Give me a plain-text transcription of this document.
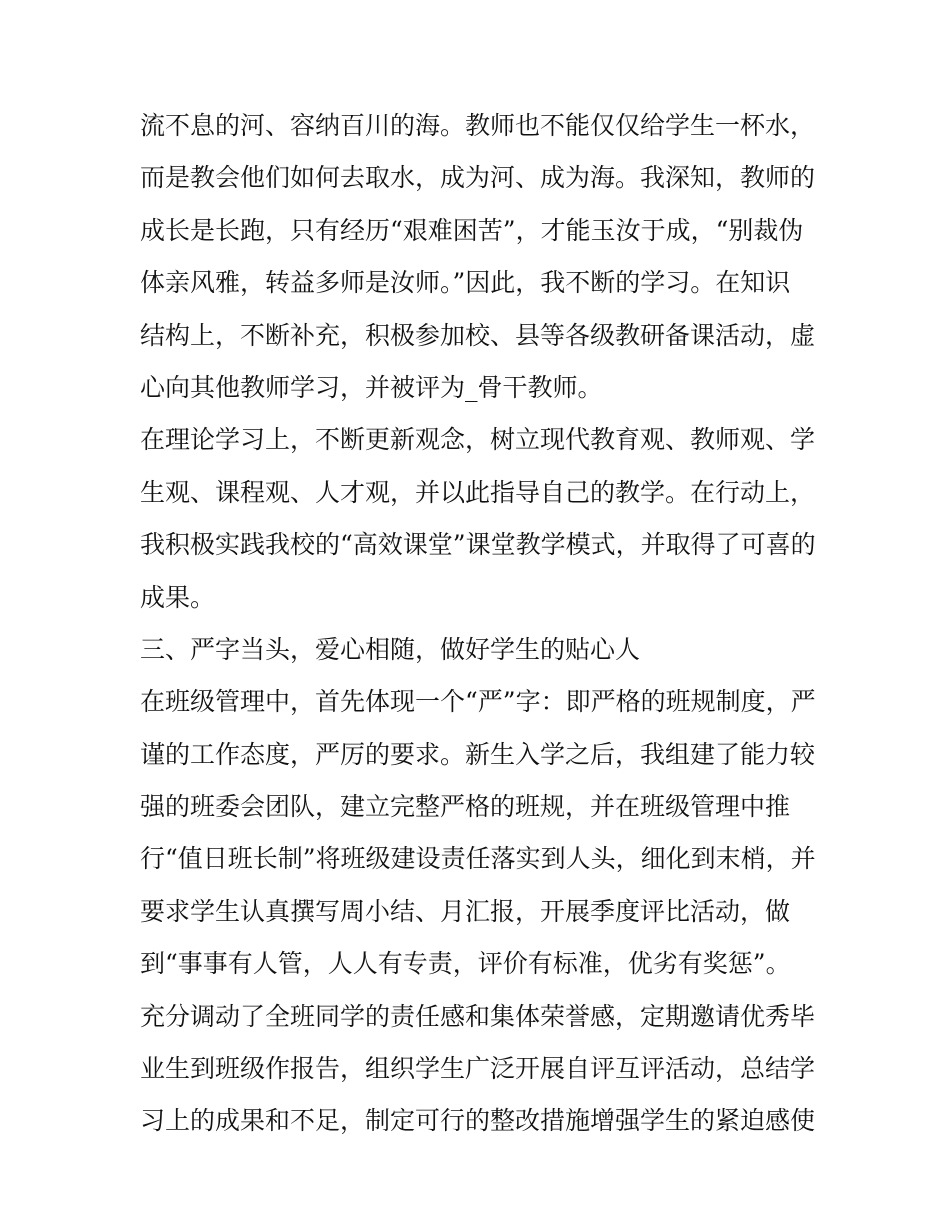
流不息的河、容纳百川的海。教师也不能仅仅给学生一杯水，

而是教会他们如何去取水，成为河、成为海。我深知，教师的

成长是长跑，只有经历“艰难困苦”，才能玉汝于成，“别裁伪

体亲风雅，转益多师是汝师。”因此，我不断的学习。在知识

结构上，不断补充，积极参加校、县等各级教研备课活动，虚

心向其他教师学习，并被评为_骨干教师。

在理论学习上，不断更新观念，树立现代教育观、教师观、学

生观、课程观、人才观，并以此指导自己的教学。在行动上，

我积极实践我校的“高效课堂”课堂教学模式，并取得了可喜的

成果。

三、严字当头，爱心相随，做好学生的贴心人

在班级管理中，首先体现一个“严”字：即严格的班规制度，严

谨的工作态度，严厉的要求。新生入学之后，我组建了能力较

强的班委会团队，建立完整严格的班规，并在班级管理中推

行“值日班长制”将班级建设责任落实到人头，细化到末梢，并

要求学生认真撰写周小结、月汇报，开展季度评比活动，做

到“事事有人管，人人有专责，评价有标准，优劣有奖惩”。

充分调动了全班同学的责任感和集体荣誉感，定期邀请优秀毕

业生到班级作报告，组织学生广泛开展自评互评活动，总结学

习上的成果和不足，制定可行的整改措施增强学生的紧迫感使
